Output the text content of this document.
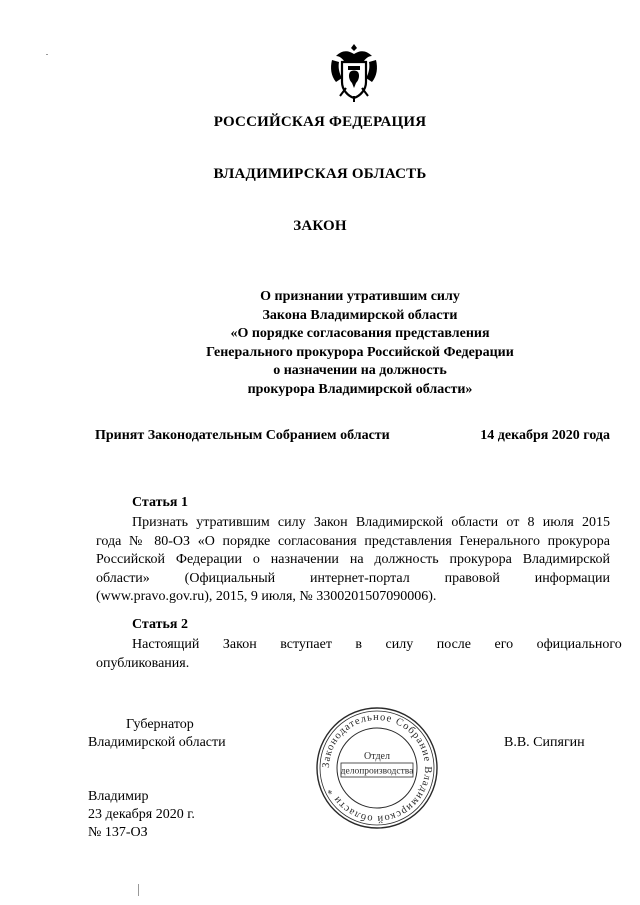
РОССИЙСКАЯ ФЕДЕРАЦИЯ
ВЛАДИМИРСКАЯ ОБЛАСТЬ
ЗАКОН
О признании утратившим силу
Закона Владимирской области
«О порядке согласования представления
Генерального прокурора Российской Федерации
о назначении на должность
прокурора Владимирской области»
Принят Законодательным Собранием области	14 декабря 2020 года
Статья 1
Признать утратившим силу Закон Владимирской области от 8 июля 2015
года № 80-ОЗ «О порядке согласования представления Генерального прокурора
Российской Федерации о назначении на должность прокурора Владимирской
области» (Официальный интернет-портал правовой информации
(www.pravo.gov.ru), 2015, 9 июля, № 3300201507090006).
Статья 2
Настоящий Закон вступает в силу после его официального
опубликования.
Губернатор
Владимирской области	В.В. Сипягин
Законодательное Собрание Владимирской области *
Отдел
делопроизводства
Владимир
23 декабря 2020 г.
№ 137-ОЗ
